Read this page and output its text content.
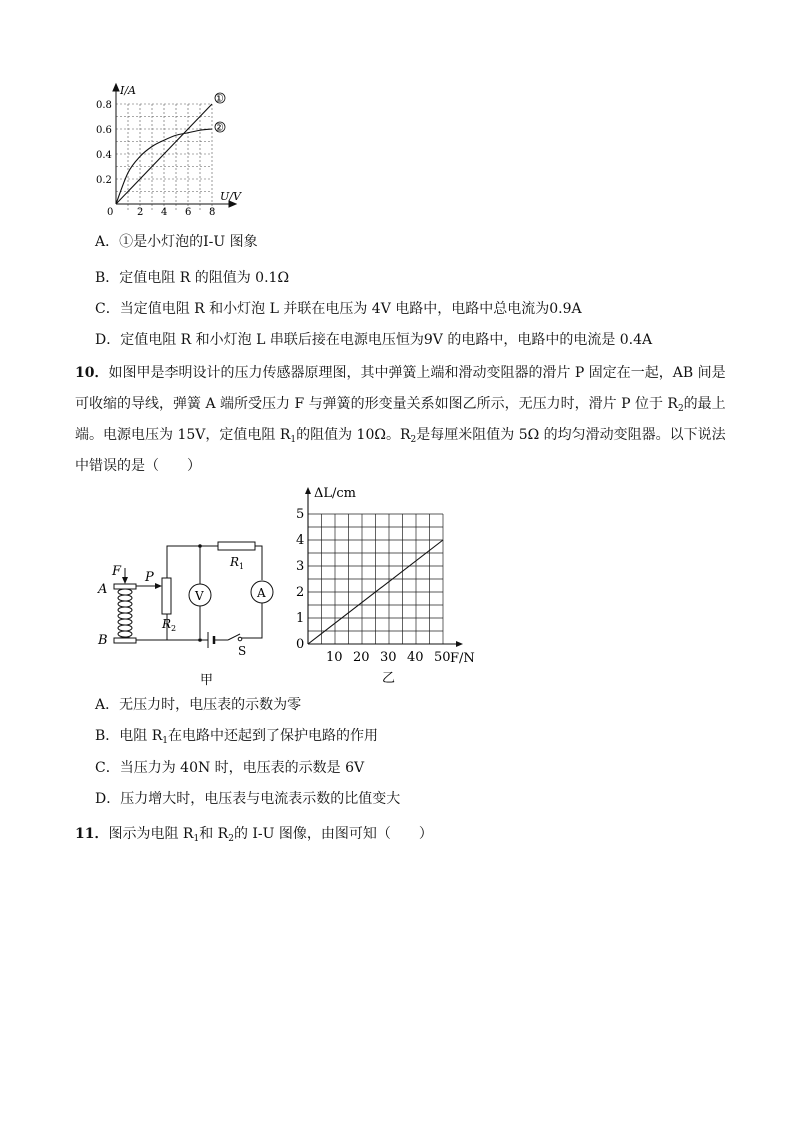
①
②
I/A
U/V
0
0.8
0.6
0.4
0.2
2 4 6 8
A．①是小灯泡的I-U 图象
B．定值电阻 R 的阻值为 0.1Ω
C．当定值电阻 R 和小灯泡 L 并联在电压为 4V 电路中，电路中总电流为0.9A
D．定值电阻 R 和小灯泡 L 串联后接在电源电压恒为9V 的电路中，电路中的电流是 0.4A
10．如图甲是李明设计的压力传感器原理图，其中弹簧上端和滑动变阻器的滑片 P 固定在一起，AB 间是
可收缩的导线，弹簧 A 端所受压力 F 与弹簧的形变量关系如图乙所示，无压力时，滑片 P 位于 $R_2$的最上
端。电源电压为 15V，定值电阻 $R_1$的阻值为 10Ω。$R_2$是每厘米阻值为 5Ω 的均匀滑动变阻器。以下说法
中错误的是（　　）
F
A
B
P
$R_2$
$R_1$
V	A
S
甲
ΔL/cm
F/N
0
5
4
3
2
1
10 20 30 40 50
乙
A．无压力时，电压表的示数为零
B．电阻 $R_1$在电路中还起到了保护电路的作用
C．当压力为 40N 时，电压表的示数是 6V
D．压力增大时，电压表与电流表示数的比值变大
11．图示为电阻 $R_1$和 $R_2$的 I-U 图像，由图可知（　　）
